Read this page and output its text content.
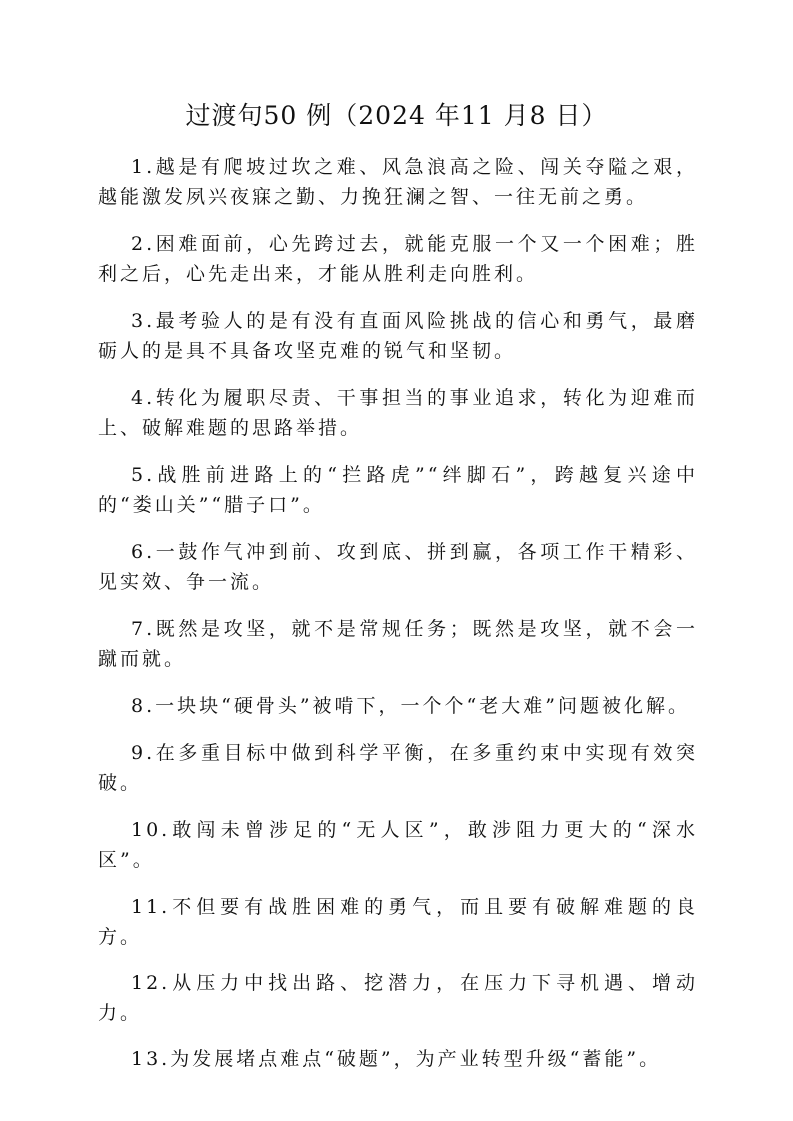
过渡句50 例（2024 年11 月8 日）

1.越是有爬坡过坎之难、风急浪高之险、闯关夺隘之艰，越能激发夙兴夜寐之勤、力挽狂澜之智、一往无前之勇。

2.困难面前，心先跨过去，就能克服一个又一个困难；胜利之后，心先走出来，才能从胜利走向胜利。

3.最考验人的是有没有直面风险挑战的信心和勇气，最磨砺人的是具不具备攻坚克难的锐气和坚韧。

4.转化为履职尽责、干事担当的事业追求，转化为迎难而上、破解难题的思路举措。

5.战胜前进路上的“拦路虎”“绊脚石”，跨越复兴途中的“娄山关”“腊子口”。

6.一鼓作气冲到前、攻到底、拼到赢，各项工作干精彩、见实效、争一流。

7.既然是攻坚，就不是常规任务；既然是攻坚，就不会一蹴而就。

8.一块块“硬骨头”被啃下，一个个“老大难”问题被化解。

9.在多重目标中做到科学平衡，在多重约束中实现有效突破。

10.敢闯未曾涉足的“无人区”，敢涉阻力更大的“深水区”。

11.不但要有战胜困难的勇气，而且要有破解难题的良方。

12.从压力中找出路、挖潜力，在压力下寻机遇、增动力。

13.为发展堵点难点“破题”，为产业转型升级“蓄能”。
